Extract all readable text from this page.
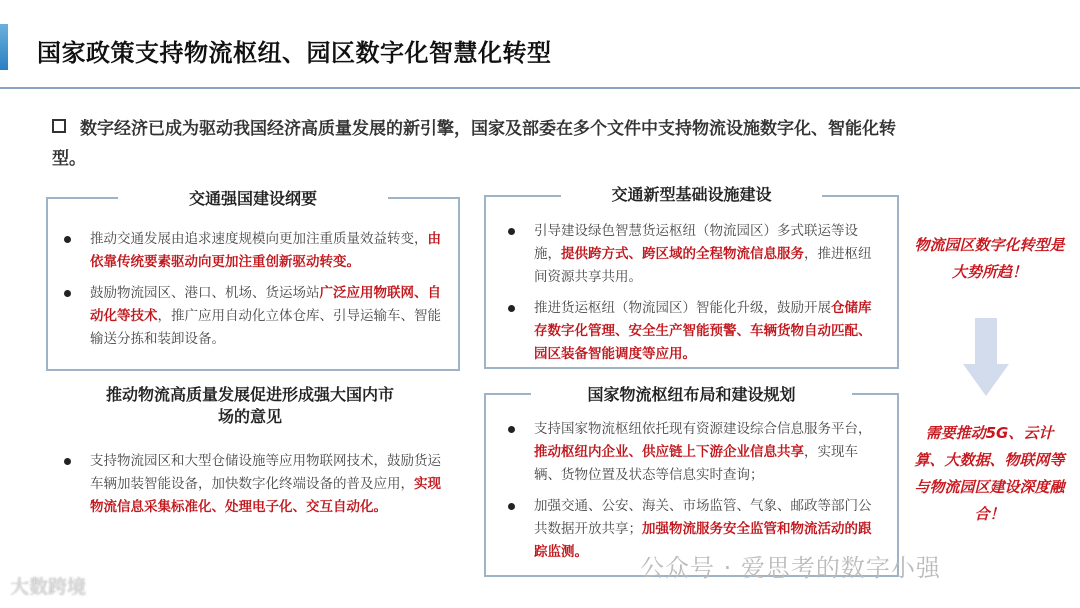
国家政策支持物流枢纽、园区数字化智慧化转型
数字经济已成为驱动我国经济高质量发展的新引擎，国家及部委在多个文件中支持物流设施数字化、智能化转型。
交通强国建设纲要
推动交通发展由追求速度规模向更加注重质量效益转变，由依靠传统要素驱动向更加注重创新驱动转变。
鼓励物流园区、港口、机场、货运场站广泛应用物联网、自动化等技术，推广应用自动化立体仓库、引导运输车、智能输送分拣和装卸设备。
推动物流高质量发展促进形成强大国内市场的意见
支持物流园区和大型仓储设施等应用物联网技术，鼓励货运车辆加装智能设备，加快数字化终端设备的普及应用，实现物流信息采集标准化、处理电子化、交互自动化。
交通新型基础设施建设
引导建设绿色智慧货运枢纽（物流园区）多式联运等设施，提供跨方式、跨区域的全程物流信息服务，推进枢纽间资源共享共用。
推进货运枢纽（物流园区）智能化升级，鼓励开展仓储库存数字化管理、安全生产智能预警、车辆货物自动匹配、园区装备智能调度等应用。
国家物流枢纽布局和建设规划
支持国家物流枢纽依托现有资源建设综合信息服务平台，推动枢纽内企业、供应链上下游企业信息共享，实现车辆、货物位置及状态等信息实时查询；
加强交通、公安、海关、市场监管、气象、邮政等部门公共数据开放共享；加强物流服务安全监管和物流活动的跟踪监测。
物流园区数字化转型是大势所趋！
需要推动5G、云计算、大数据、物联网等与物流园区建设深度融合！
公众号 · 爱思考的数字小强
大数跨境
